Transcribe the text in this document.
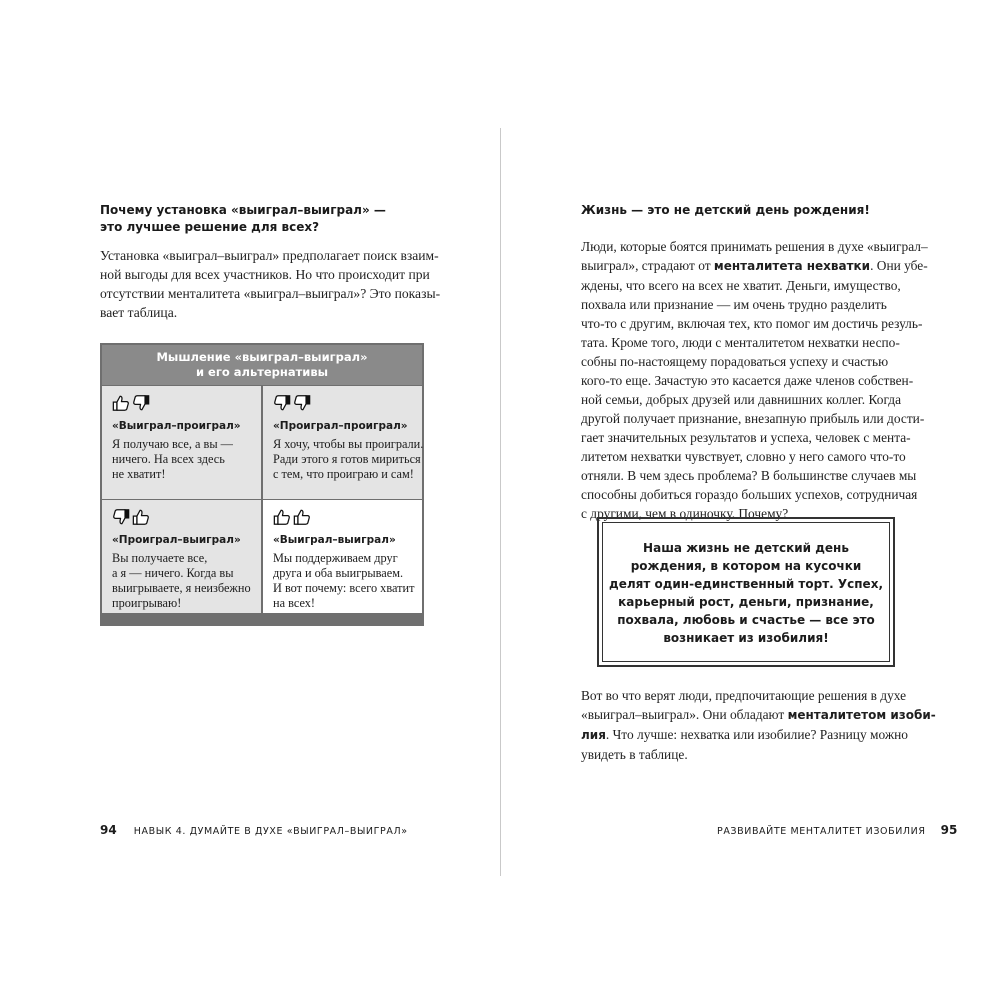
Почему установка «выиграл–выиграл» —
это лучшее решение для всех?

Установка «выиграл–выиграл» предполагает поиск взаим-
ной выгоды для всех участников. Но что происходит при
отсутствии менталитета «выиграл–выиграл»? Это показы-
вает таблица.

Мышление «выиграл–выиграл»
и его альтернативы
«Выиграл–проиграл»
Я получаю все, а вы —
ничего. На всех здесь
не хватит!
«Проиграл–проиграл»
Я хочу, чтобы вы проиграли.
Ради этого я готов мириться
с тем, что проиграю и сам!
«Проиграл–выиграл»
Вы получаете все,
а я — ничего. Когда вы
выигрываете, я неизбежно
проигрываю!
«Выиграл–выиграл»
Мы поддерживаем друг
друга и оба выигрываем.
И вот почему: всего хватит
на всех!
94 НАВЫК 4. ДУМАЙТЕ В ДУХЕ «ВЫИГРАЛ–ВЫИГРАЛ»
Жизнь — это не детский день рождения!

Люди, которые боятся принимать решения в духе «выиграл–
выиграл», страдают от менталитета нехватки. Они убе-
ждены, что всего на всех не хватит. Деньги, имущество,
похвала или признание — им очень трудно разделить
что-то с другим, включая тех, кто помог им достичь резуль-
тата. Кроме того, люди с менталитетом нехватки неспо-
собны по-настоящему порадоваться успеху и счастью
кого-то еще. Зачастую это касается даже членов собствен-
ной семьи, добрых друзей или давнишних коллег. Когда
другой получает признание, внезапную прибыль или дости-
гает значительных результатов и успеха, человек с мента-
литетом нехватки чувствует, словно у него самого что-то
отняли. В чем здесь проблема? В большинстве случаев мы
способны добиться гораздо больших успехов, сотрудничая
с другими, чем в одиночку. Почему?

Вот во что верят люди, предпочитающие решения в духе
«выиграл–выиграл». Они обладают менталитетом изоби-
лия. Что лучше: нехватка или изобилие? Разницу можно
увидеть в таблице.

РАЗВИВАЙТЕ МЕНТАЛИТЕТ ИЗОБИЛИЯ 95
Наша жизнь не детский день
рождения, в котором на кусочки
делят один-единственный торт. Успех,
карьерный рост, деньги, признание,
похвала, любовь и счастье — все это
возникает из изобилия!
